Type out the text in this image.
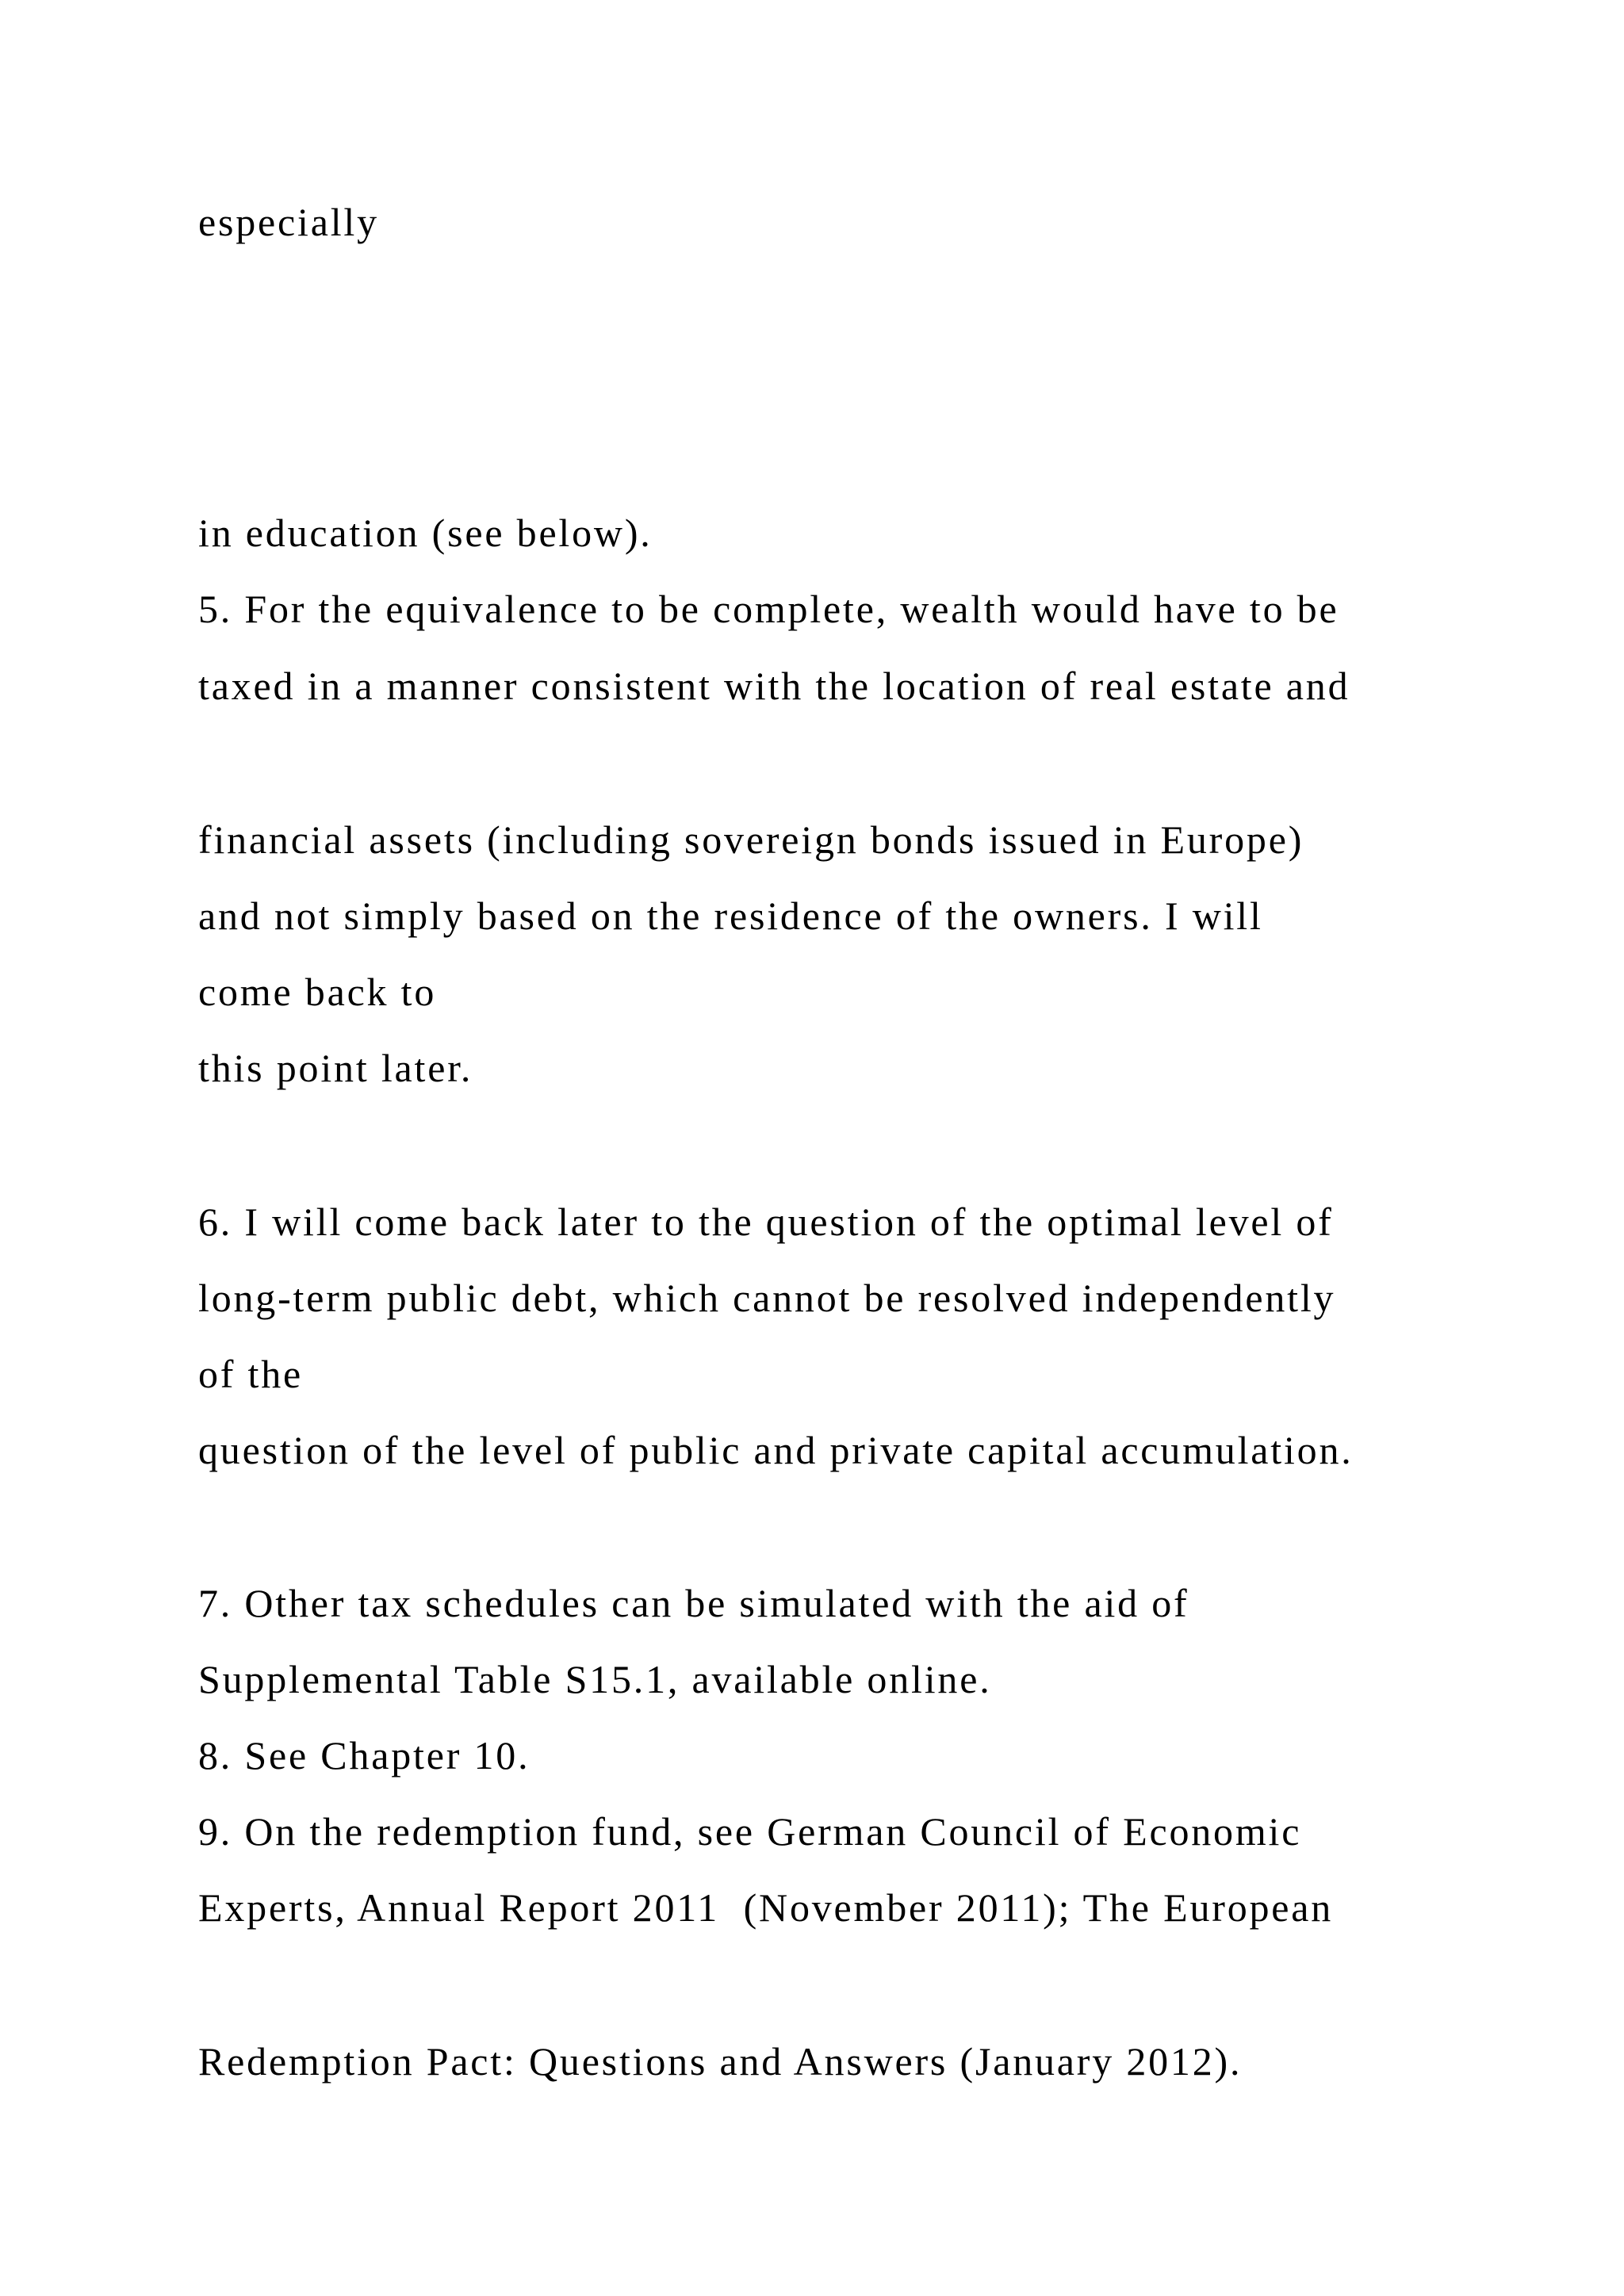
especially
in education (see below).
5. For the equivalence to be complete, wealth would have to be
taxed in a manner consistent with the location of real estate and
financial assets (including sovereign bonds issued in Europe)
and not simply based on the residence of the owners. I will
come back to
this point later.
6. I will come back later to the question of the optimal level of
long-term public debt, which cannot be resolved independently
of the
question of the level of public and private capital accumulation.
7. Other tax schedules can be simulated with the aid of
Supplemental Table S15.1, available online.
8. See Chapter 10.
9. On the redemption fund, see German Council of Economic
Experts, Annual Report 2011  (November 2011); The European
Redemption Pact: Questions and Answers (January 2012).
